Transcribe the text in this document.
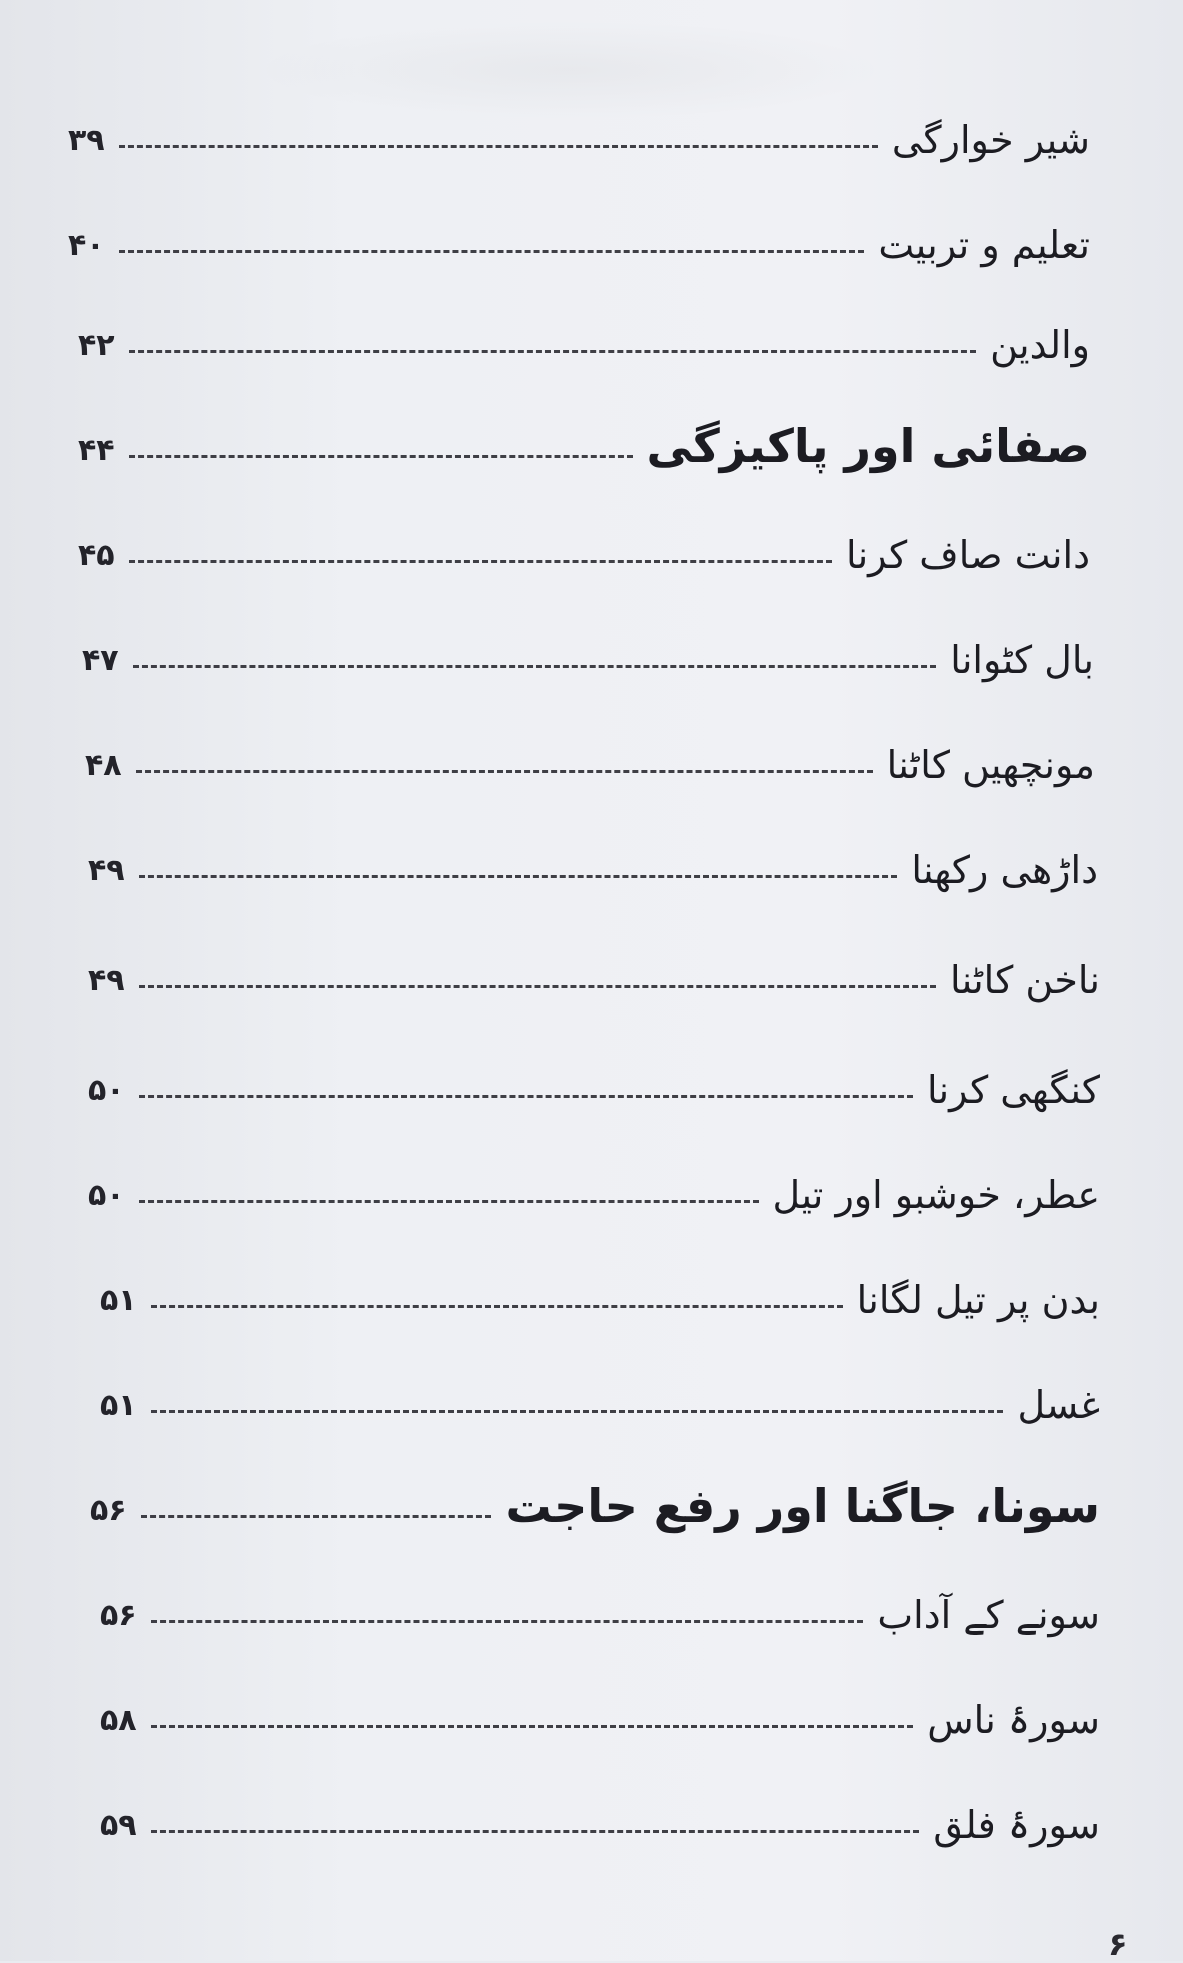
۳۹	شیر خوارگی
۴۰	تعلیم و تربیت
۴۲	والدین
۴۴	صفائی اور پاکیزگی
۴۵	دانت صاف کرنا
۴۷	بال کٹوانا
۴۸	مونچھیں کاٹنا
۴۹	داڑھی رکھنا
۴۹	ناخن کاٹنا
۵۰	کنگھی کرنا
۵۰	عطر، خوشبو اور تیل
۵۱	بدن پر تیل لگانا
۵۱	غسل
۵۶	سونا، جاگنا اور رفع حاجت
۵۶	سونے کے آداب
۵۸	سورۂ ناس
۵۹	سورۂ فلق
۶
